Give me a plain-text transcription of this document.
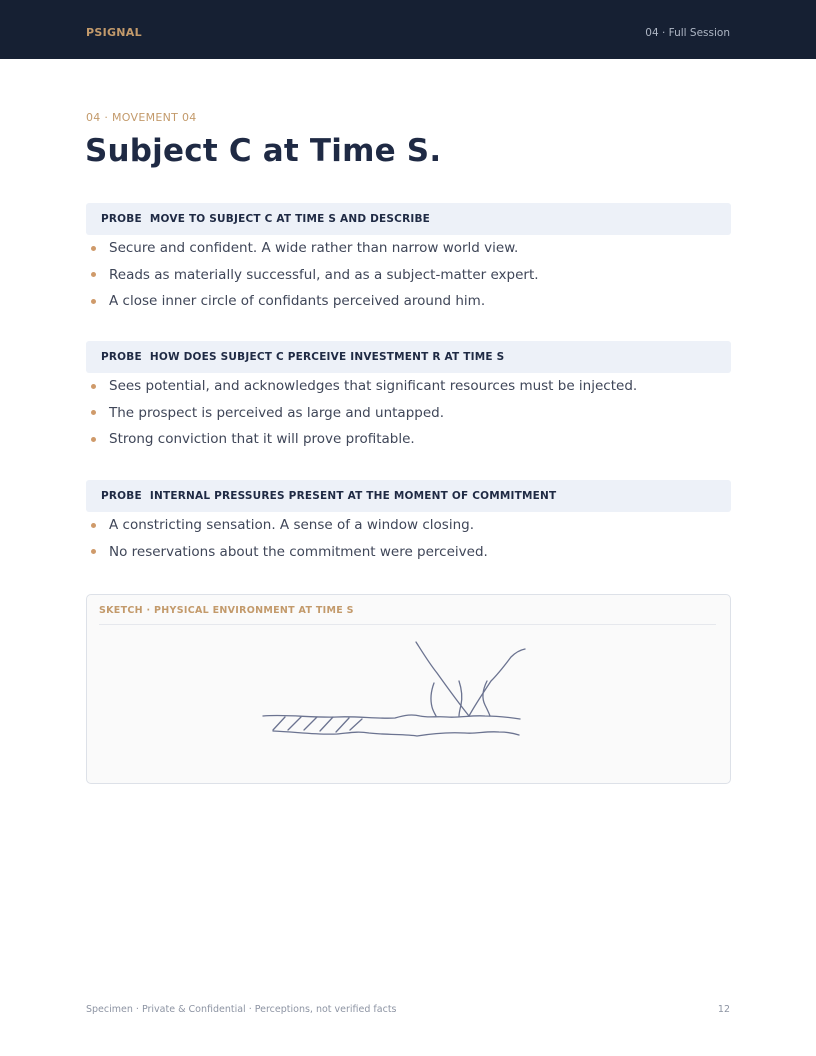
PSIGNAL	04 · Full Session
04 · MOVEMENT 04
Subject C at Time S.
PROBE MOVE TO SUBJECT C AT TIME S AND DESCRIBE
Secure and confident. A wide rather than narrow world view.
Reads as materially successful, and as a subject-matter expert.
A close inner circle of confidants perceived around him.
PROBE HOW DOES SUBJECT C PERCEIVE INVESTMENT R AT TIME S
Sees potential, and acknowledges that significant resources must be injected.
The prospect is perceived as large and untapped.
Strong conviction that it will prove profitable.
PROBE INTERNAL PRESSURES PRESENT AT THE MOMENT OF COMMITMENT
A constricting sensation. A sense of a window closing.
No reservations about the commitment were perceived.
SKETCH · PHYSICAL ENVIRONMENT AT TIME S
Specimen · Private & Confidential · Perceptions, not verified facts	12
